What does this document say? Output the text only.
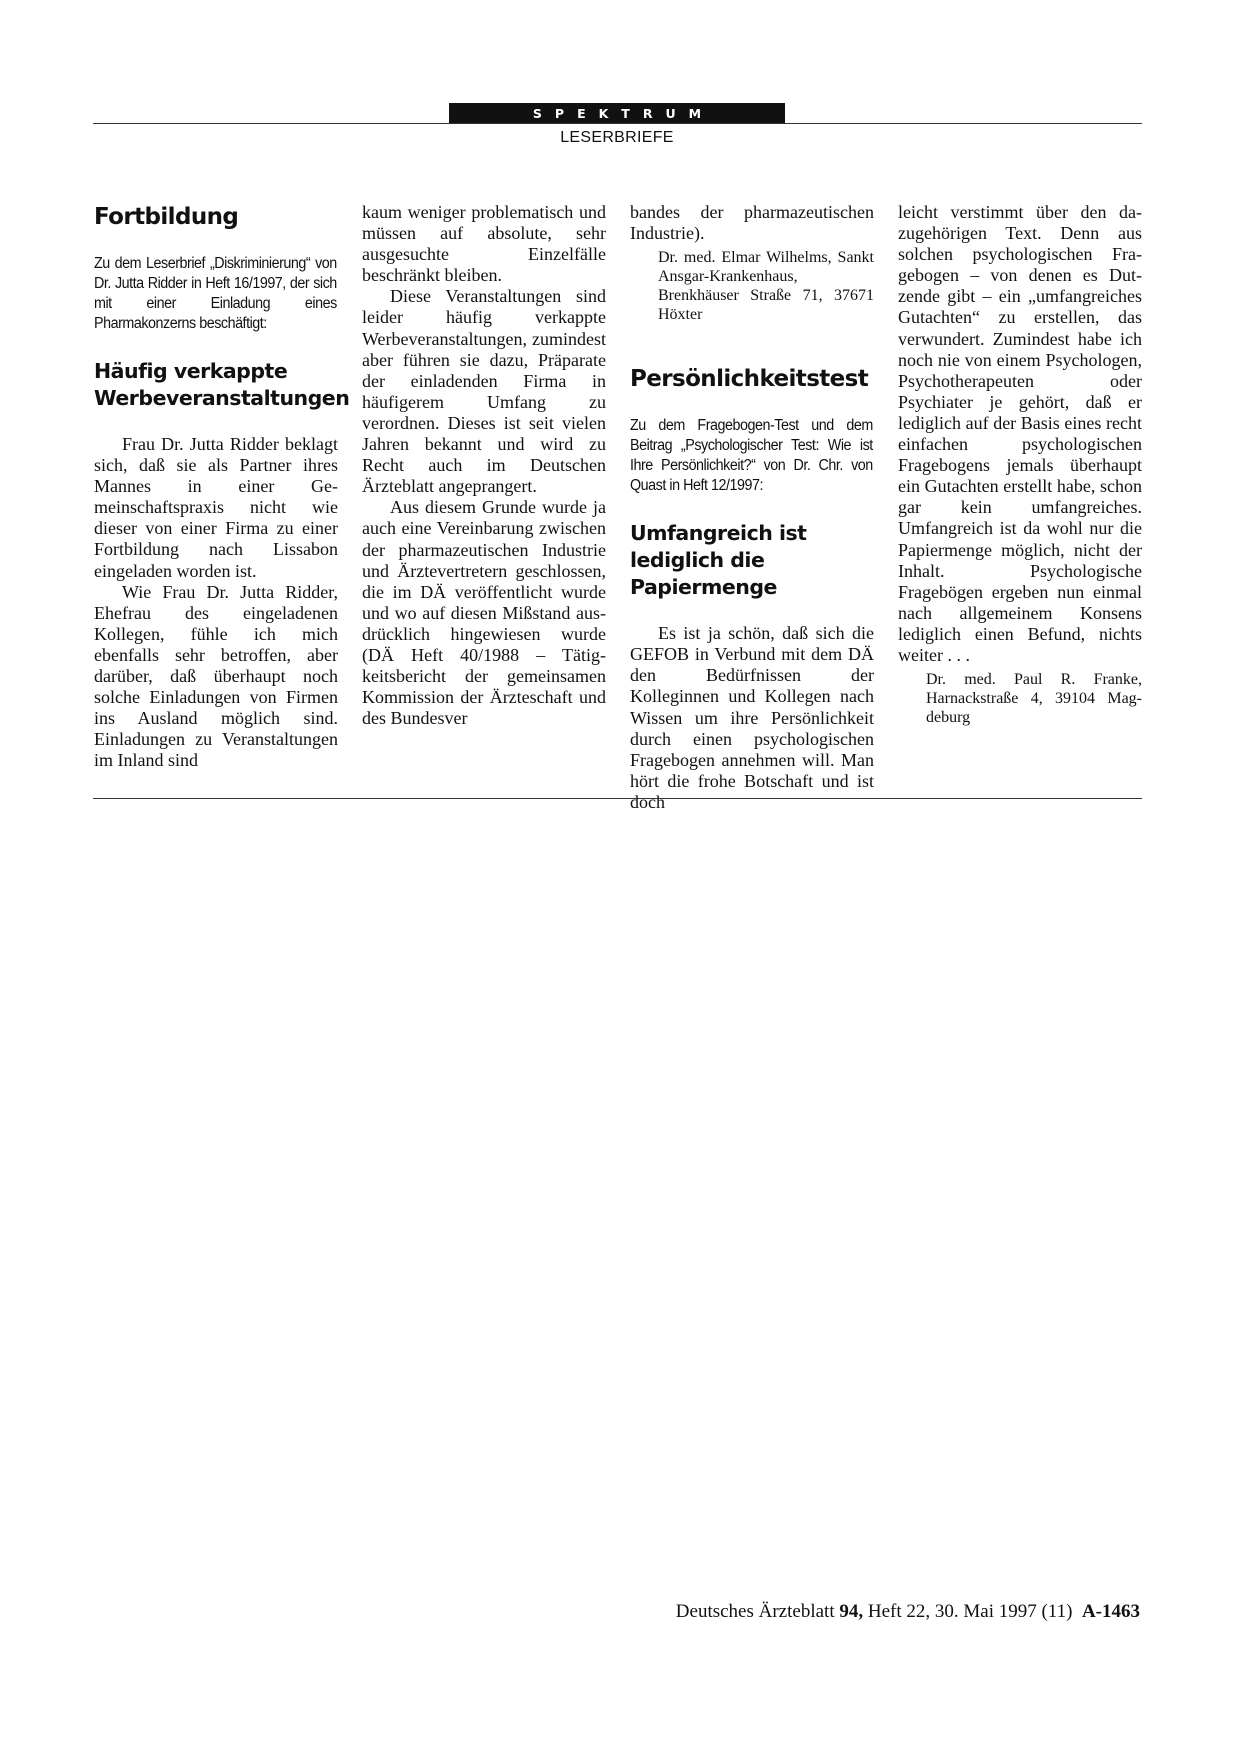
SPEKTRUM
LESERBRIEFE
Fortbildung
Zu dem Leserbrief „Diskriminierung“ von Dr. Jutta Ridder in Heft 16/1997, der sich mit einer Einladung eines Pharmakonzerns beschäftigt:
Häufig verkappte Werbeveranstaltungen

Frau Dr. Jutta Ridder beklagt sich, daß sie als Partner ihres Mannes in einer Gemeinschaftspraxis nicht wie dieser von einer Firma zu einer Fortbildung nach Lissabon eingeladen worden ist.

Wie Frau Dr. Jutta Ridder, Ehefrau des eingeladenen Kollegen, fühle ich mich ebenfalls sehr betroffen, aber darüber, daß überhaupt noch solche Einladungen von Firmen ins Ausland möglich sind. Einladungen zu Veranstaltungen im Inland sind

kaum weniger problematisch und müssen auf absolute, sehr ausgesuchte Einzelfälle beschränkt bleiben.

Diese Veranstaltungen sind leider häufig verkappte Werbeveranstaltungen, zumindest aber führen sie dazu, Präparate der einladenden Firma in häufigerem Umfang zu verordnen. Dieses ist seit vielen Jahren bekannt und wird zu Recht auch im Deutschen Ärzteblatt angeprangert.

Aus diesem Grunde wurde ja auch eine Vereinbarung zwischen der pharmazeutischen Industrie und Ärztevertretern geschlossen, die im DÄ veröffentlicht wurde und wo auf diesen Mißstand ausdrücklich hingewiesen wurde (DÄ Heft 40/1988 – Tätigkeitsbericht der gemeinsamen Kommission der Ärzteschaft und des Bundesver

bandes der pharmazeutischen Industrie).

Dr. med. Elmar Wilhelms, Sankt Ansgar-Krankenhaus, Brenkhäuser Straße 71, 37671 Höxter
Persönlichkeitstest
Zu dem Fragebogen-Test und dem Beitrag „Psychologischer Test: Wie ist Ihre Persönlichkeit?“ von Dr. Chr. von Quast in Heft 12/1997:
Umfangreich ist lediglich die Papiermenge

Es ist ja schön, daß sich die GEFOB in Verbund mit dem DÄ den Bedürfnissen der Kolleginnen und Kollegen nach Wissen um ihre Persönlichkeit durch einen psychologischen Fragebogen annehmen will. Man hört die frohe Botschaft und ist doch

leicht verstimmt über den dazugehörigen Text. Denn aus solchen psychologischen Fragebogen – von denen es Dutzende gibt – ein „umfangreiches Gutachten“ zu erstellen, das verwundert. Zumindest habe ich noch nie von einem Psychologen, Psychotherapeuten oder Psychiater je gehört, daß er lediglich auf der Basis eines recht einfachen psychologischen Fragebogens jemals überhaupt ein Gutachten erstellt habe, schon gar kein umfangreiches. Umfangreich ist da wohl nur die Papiermenge möglich, nicht der Inhalt. Psychologische Fragebögen ergeben nun einmal nach allgemeinem Konsens lediglich einen Befund, nichts weiter . . .

Dr. med. Paul R. Franke, Harnackstraße 4, 39104 Magdeburg
Deutsches Ärzteblatt 94, Heft 22, 30. Mai 1997 (11) A-1463
